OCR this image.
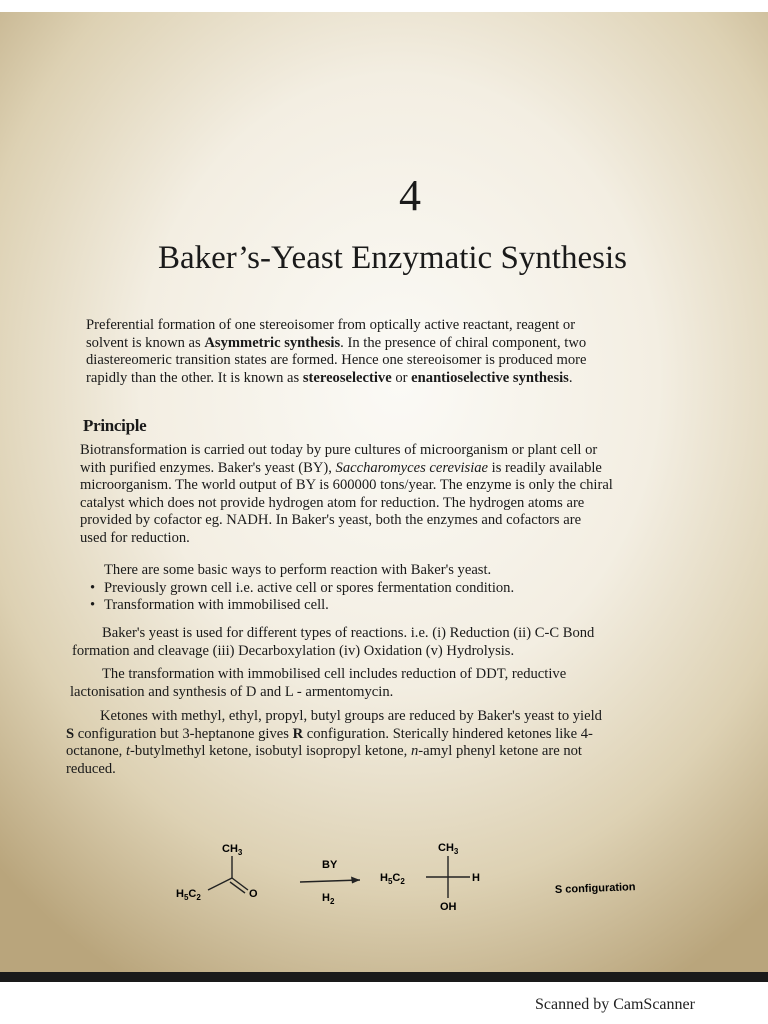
4
Baker’s-Yeast Enzymatic Synthesis
Preferential formation of one stereoisomer from optically active reactant, reagent or
solvent is known as Asymmetric synthesis. In the presence of chiral component, two
diastereomeric transition states are formed. Hence one stereoisomer is produced more
rapidly than the other. It is known as stereoselective or enantioselective synthesis.
Principle
Biotransformation is carried out today by pure cultures of microorganism or plant cell or
with purified enzymes. Baker's yeast (BY), Saccharomyces cerevisiae is readily available
microorganism. The world output of BY is 600000 tons/year. The enzyme is only the chiral
catalyst which does not provide hydrogen atom for reduction. The hydrogen atoms are
provided by cofactor eg. NADH. In Baker's yeast, both the enzymes and cofactors are
used for reduction.
There are some basic ways to perform reaction with Baker's yeast.
• Previously grown cell i.e. active cell or spores fermentation condition.
• Transformation with immobilised cell.
Baker's yeast is used for different types of reactions. i.e. (i) Reduction (ii) C-C Bond
formation and cleavage (iii) Decarboxylation (iv) Oxidation (v) Hydrolysis.
The transformation with immobilised cell includes reduction of DDT, reductive
lactonisation and synthesis of D and L - armentomycin.
Ketones with methyl, ethyl, propyl, butyl groups are reduced by Baker's yeast to yield
S configuration but 3-heptanone gives R configuration. Sterically hindered ketones like 4-
octanone, t-butylmethyl ketone, isobutyl isopropyl ketone, n-amyl phenyl ketone are not
reduced.
$CH_3$
$H_5C_2$	O
BY
$H_2$
$CH_3$
$H_5C_2$	H
OH
S configuration
Scanned by CamScanner
